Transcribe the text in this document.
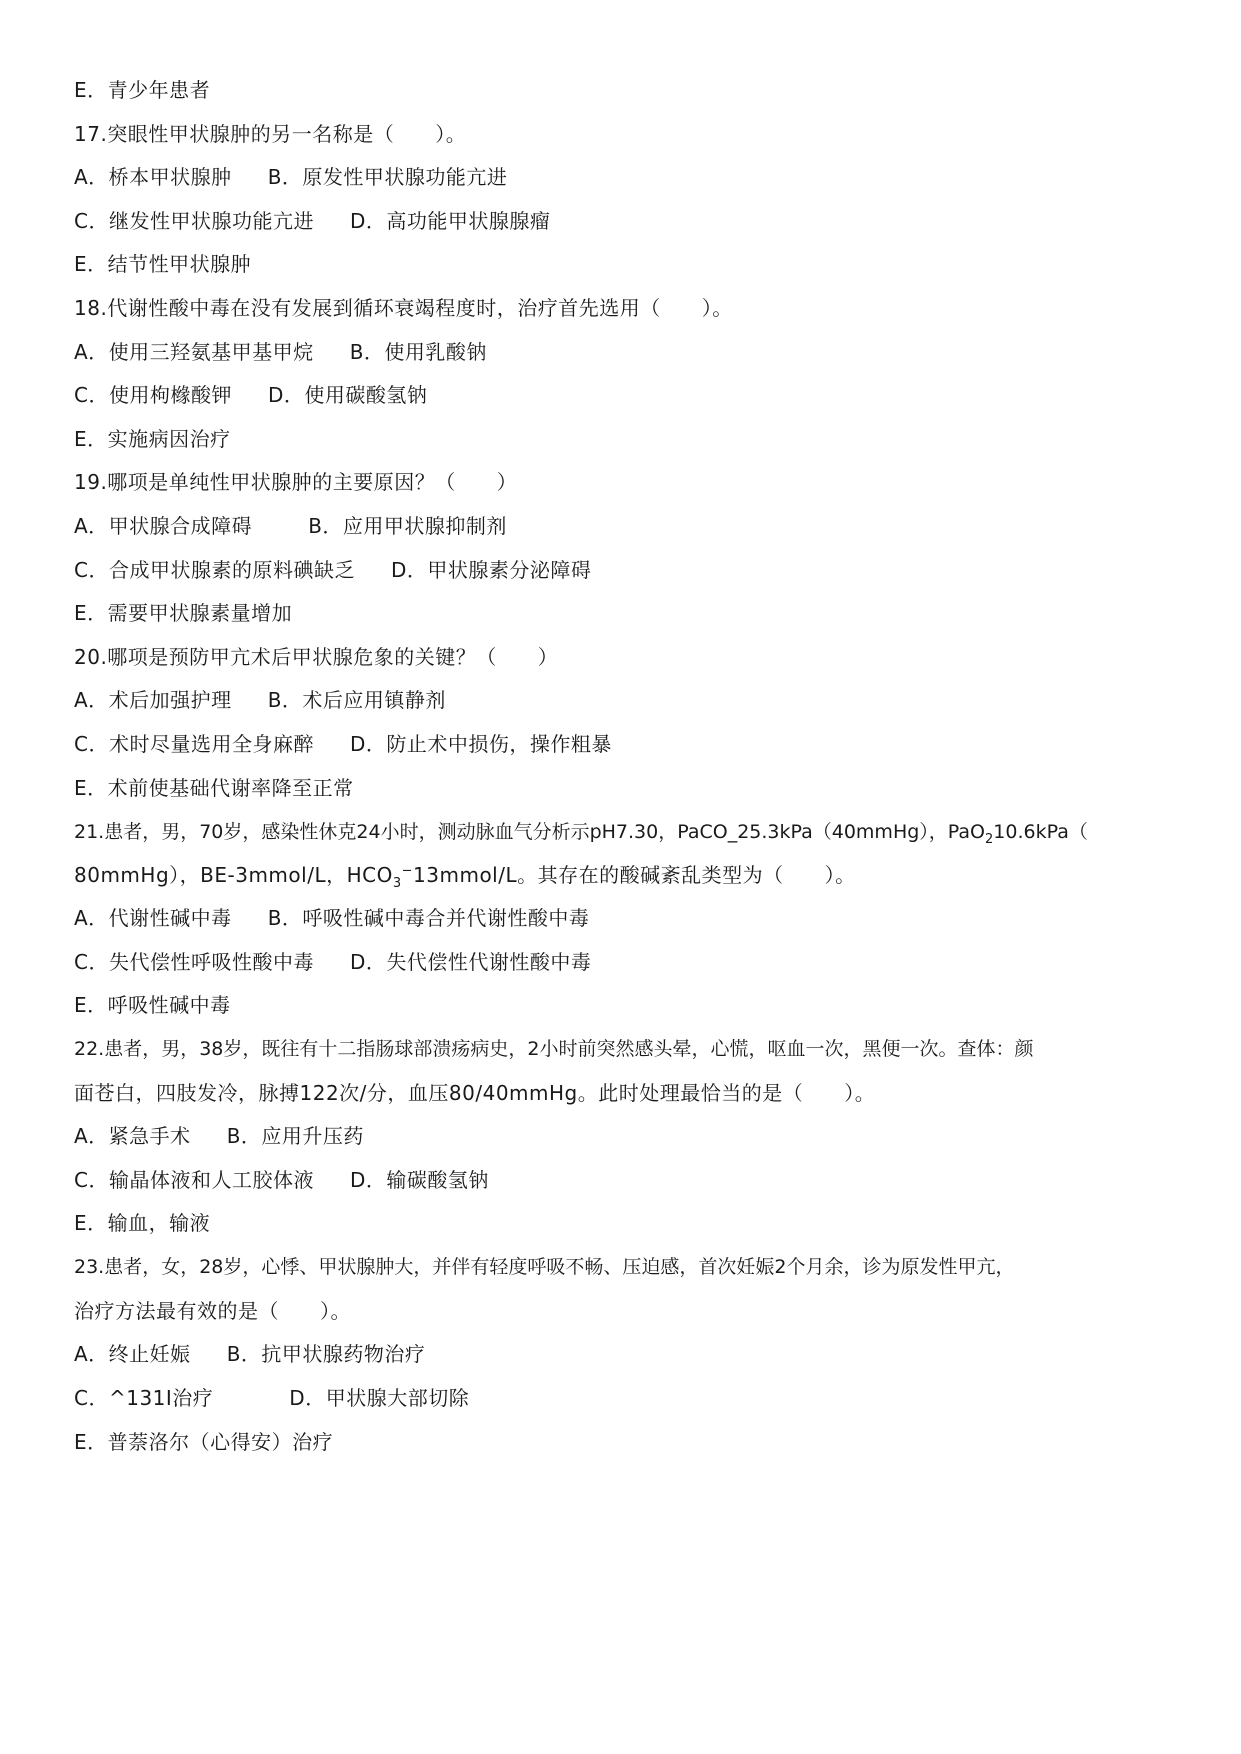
E．青少年患者
17.突眼性甲状腺肿的另一名称是（　　）。
A．桥本甲状腺肿 B．原发性甲状腺功能亢进
C．继发性甲状腺功能亢进 D．高功能甲状腺腺瘤
E．结节性甲状腺肿
18.代谢性酸中毒在没有发展到循环衰竭程度时，治疗首先选用（　　）。
A．使用三羟氨基甲基甲烷 B．使用乳酸钠
C．使用枸橼酸钾 D．使用碳酸氢钠
E．实施病因治疗
19.哪项是单纯性甲状腺肿的主要原因？（　　）
A．甲状腺合成障碍	B．应用甲状腺抑制剂
C．合成甲状腺素的原料碘缺乏 D．甲状腺素分泌障碍
E．需要甲状腺素量增加
20.哪项是预防甲亢术后甲状腺危象的关键？（　　）
A．术后加强护理 B．术后应用镇静剂
C．术时尽量选用全身麻醉 D．防止术中损伤，操作粗暴
E．术前使基础代谢率降至正常
21.患者，男，70岁，感染性休克24小时，测动脉血气分析示pH7.30，PaCO_25.3kPa（40mmHg），PaO$_2$10.6kPa（
80mmHg），BE-3mmol/L，$HCO_3^-13mmol/L$。其存在的酸碱紊乱类型为（　　）。
A．代谢性碱中毒 B．呼吸性碱中毒合并代谢性酸中毒
C．失代偿性呼吸性酸中毒 D．失代偿性代谢性酸中毒
E．呼吸性碱中毒
22.患者，男，38岁，既往有十二指肠球部溃疡病史，2小时前突然感头晕，心慌，呕血一次，黑便一次。查体：颜
面苍白，四肢发冷，脉搏122次/分，血压80/40mmHg。此时处理最恰当的是（　　）。
A．紧急手术 B．应用升压药
C．输晶体液和人工胶体液 D．输碳酸氢钠
E．输血，输液
23.患者，女，28岁，心悸、甲状腺肿大，并伴有轻度呼吸不畅、压迫感，首次妊娠2个月余，诊为原发性甲亢，
治疗方法最有效的是（　　）。
A．终止妊娠 B．抗甲状腺药物治疗
C．^131I治疗	D．甲状腺大部切除
E．普萘洛尔（心得安）治疗
